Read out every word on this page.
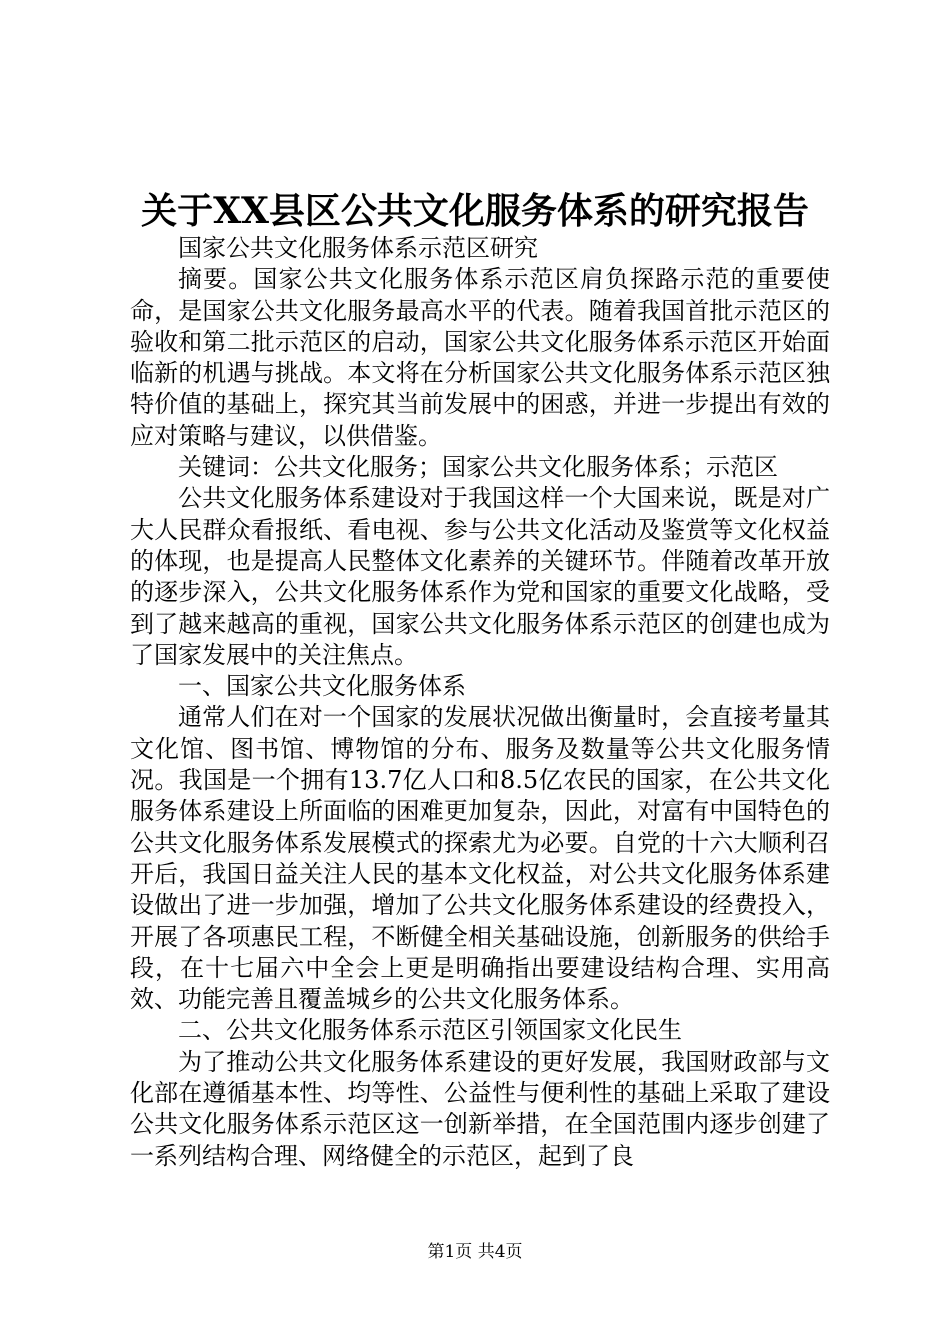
关于XX县区公共文化服务体系的研究报告

国家公共文化服务体系示范区研究

摘要。国家公共文化服务体系示范区肩负探路示范的重要使命，是国家公共文化服务最高水平的代表。随着我国首批示范区的验收和第二批示范区的启动，国家公共文化服务体系示范区开始面临新的机遇与挑战。本文将在分析国家公共文化服务体系示范区独特价值的基础上，探究其当前发展中的困惑，并进一步提出有效的应对策略与建议，以供借鉴。

关键词：公共文化服务；国家公共文化服务体系；示范区

公共文化服务体系建设对于我国这样一个大国来说，既是对广大人民群众看报纸、看电视、参与公共文化活动及鉴赏等文化权益的体现，也是提高人民整体文化素养的关键环节。伴随着改革开放的逐步深入，公共文化服务体系作为党和国家的重要文化战略，受到了越来越高的重视，国家公共文化服务体系示范区的创建也成为了国家发展中的关注焦点。

一、国家公共文化服务体系

通常人们在对一个国家的发展状况做出衡量时，会直接考量其文化馆、图书馆、博物馆的分布、服务及数量等公共文化服务情况。我国是一个拥有13.7亿人口和8.5亿农民的国家，在公共文化服务体系建设上所面临的困难更加复杂，因此，对富有中国特色的公共文化服务体系发展模式的探索尤为必要。自党的十六大顺利召开后，我国日益关注人民的基本文化权益，对公共文化服务体系建设做出了进一步加强，增加了公共文化服务体系建设的经费投入，开展了各项惠民工程，不断健全相关基础设施，创新服务的供给手段，在十七届六中全会上更是明确指出要建设结构合理、实用高效、功能完善且覆盖城乡的公共文化服务体系。

二、公共文化服务体系示范区引领国家文化民生

为了推动公共文化服务体系建设的更好发展，我国财政部与文化部在遵循基本性、均等性、公益性与便利性的基础上采取了建设公共文化服务体系示范区这一创新举措，在全国范围内逐步创建了一系列结构合理、网络健全的示范区，起到了良

第1页 共4页
